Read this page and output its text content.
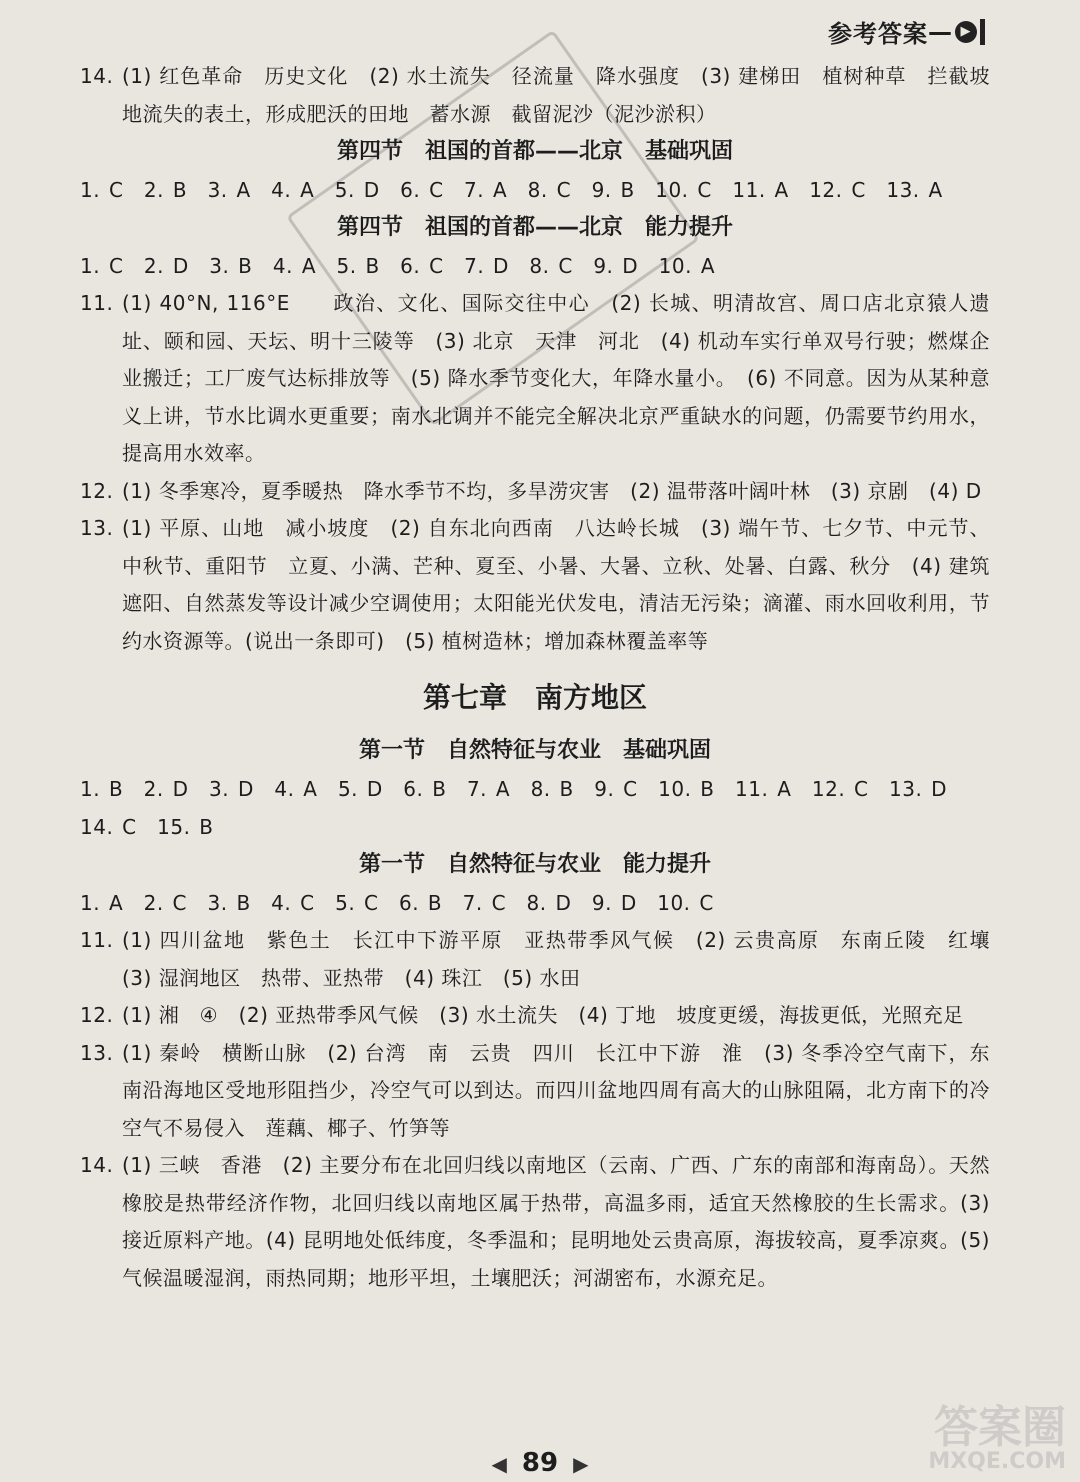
参考答案 — ▶
14. (1) 红色革命　历史文化　(2) 水土流失　径流量　降水强度　(3) 建梯田　植树种草　拦截坡地流失的表土，形成肥沃的田地　蓄水源　截留泥沙（泥沙淤积）
第四节　祖国的首都——北京　基础巩固
1. C　2. B　3. A　4. A　5. D　6. C　7. A　8. C　9. B　10. C　11. A　12. C　13. A
第四节　祖国的首都——北京　能力提升
1. C　2. D　3. B　4. A　5. B　6. C　7. D　8. C　9. D　10. A
11. (1) 40°N, 116°E　　政治、文化、国际交往中心　(2) 长城、明清故宫、周口店北京猿人遗址、颐和园、天坛、明十三陵等　(3) 北京　天津　河北　(4) 机动车实行单双号行驶；燃煤企业搬迁；工厂废气达标排放等　(5) 降水季节变化大，年降水量小。　(6) 不同意。因为从某种意义上讲，节水比调水更重要；南水北调并不能完全解决北京严重缺水的问题，仍需要节约用水，提高用水效率。
12. (1) 冬季寒冷，夏季暖热　降水季节不均，多旱涝灾害　(2) 温带落叶阔叶林　(3) 京剧　(4) D
13. (1) 平原、山地　减小坡度　(2) 自东北向西南　八达岭长城　(3) 端午节、七夕节、中元节、中秋节、重阳节　立夏、小满、芒种、夏至、小暑、大暑、立秋、处暑、白露、秋分　(4) 建筑遮阳、自然蒸发等设计减少空调使用；太阳能光伏发电，清洁无污染；滴灌、雨水回收利用，节约水资源等。(说出一条即可)　(5) 植树造林；增加森林覆盖率等
第七章　南方地区
第一节　自然特征与农业　基础巩固
1. B　2. D　3. D　4. A　5. D　6. B　7. A　8. B　9. C　10. B　11. A　12. C　13. D　14. C　15. B
第一节　自然特征与农业　能力提升
1. A　2. C　3. B　4. C　5. C　6. B　7. C　8. D　9. D　10. C
11. (1) 四川盆地　紫色土　长江中下游平原　亚热带季风气候　(2) 云贵高原　东南丘陵　红壤　(3) 湿润地区　热带、亚热带　(4) 珠江　(5) 水田
12. (1) 湘　④　(2) 亚热带季风气候　(3) 水土流失　(4) 丁地　坡度更缓，海拔更低，光照充足
13. (1) 秦岭　横断山脉　(2) 台湾　南　云贵　四川　长江中下游　淮　(3) 冬季冷空气南下，东南沿海地区受地形阻挡少，冷空气可以到达。而四川盆地四周有高大的山脉阻隔，北方南下的冷空气不易侵入　莲藕、椰子、竹笋等
14. (1) 三峡　香港　(2) 主要分布在北回归线以南地区（云南、广西、广东的南部和海南岛）。天然橡胶是热带经济作物，北回归线以南地区属于热带，高温多雨，适宜天然橡胶的生长需求。(3) 接近原料产地。(4) 昆明地处低纬度，冬季温和；昆明地处云贵高原，海拔较高，夏季凉爽。(5) 气候温暖湿润，雨热同期；地形平坦，土壤肥沃；河湖密布，水源充足。
◀ 89 ▶
答案圈
MXQE.COM
